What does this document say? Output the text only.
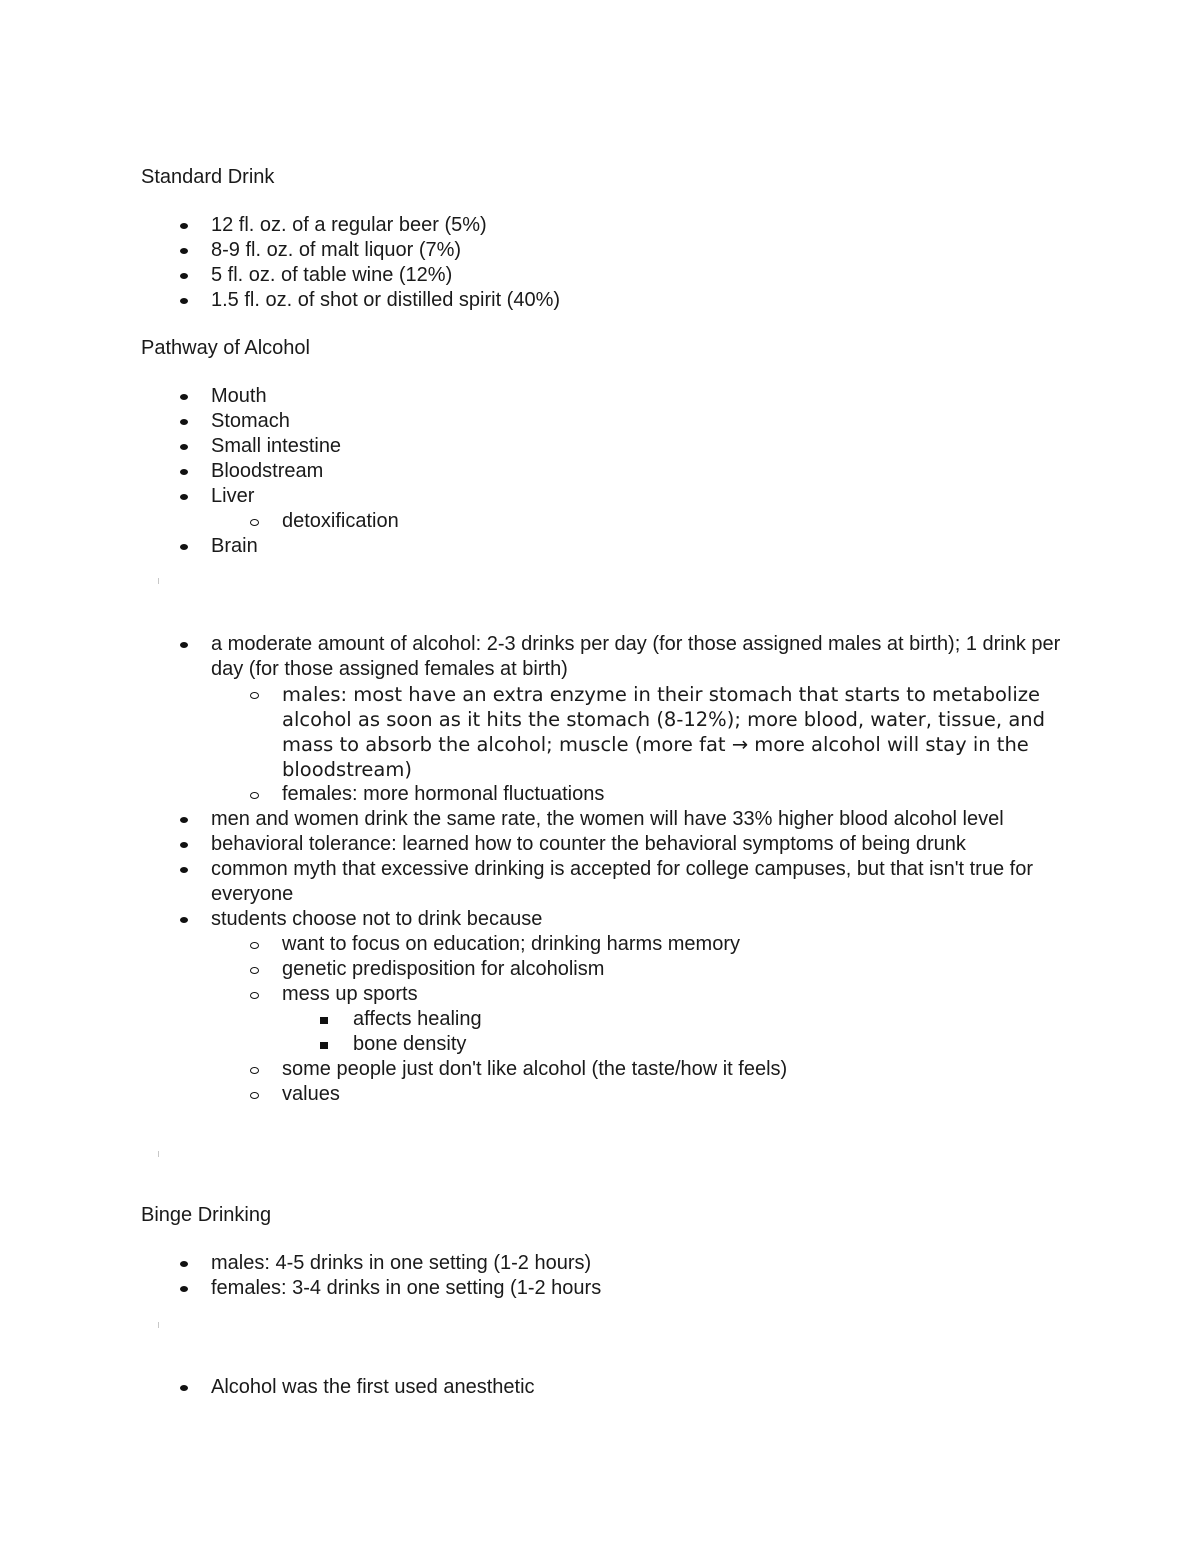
Standard Drink
12 fl. oz. of a regular beer (5%)
8-9 fl. oz. of malt liquor (7%)
5 fl. oz. of table wine (12%)
1.5 fl. oz. of shot or distilled spirit (40%)
Pathway of Alcohol
Mouth
Stomach
Small intestine
Bloodstream
Liver
detoxification
Brain
a moderate amount of alcohol: 2-3 drinks per day (for those assigned males at birth); 1 drink per day (for those assigned females at birth)
males: most have an extra enzyme in their stomach that starts to metabolize alcohol as soon as it hits the stomach (8-12%); more blood, water, tissue, and mass to absorb the alcohol; muscle (more fat → more alcohol will stay in the bloodstream)
females: more hormonal fluctuations
men and women drink the same rate, the women will have 33% higher blood alcohol level
behavioral tolerance: learned how to counter the behavioral symptoms of being drunk
common myth that excessive drinking is accepted for college campuses, but that isn't true for everyone
students choose not to drink because
want to focus on education; drinking harms memory
genetic predisposition for alcoholism
mess up sports
affects healing
bone density
some people just don't like alcohol (the taste/how it feels)
values
Binge Drinking
males: 4-5 drinks in one setting (1-2 hours)
females: 3-4 drinks in one setting (1-2 hours
Alcohol was the first used anesthetic
